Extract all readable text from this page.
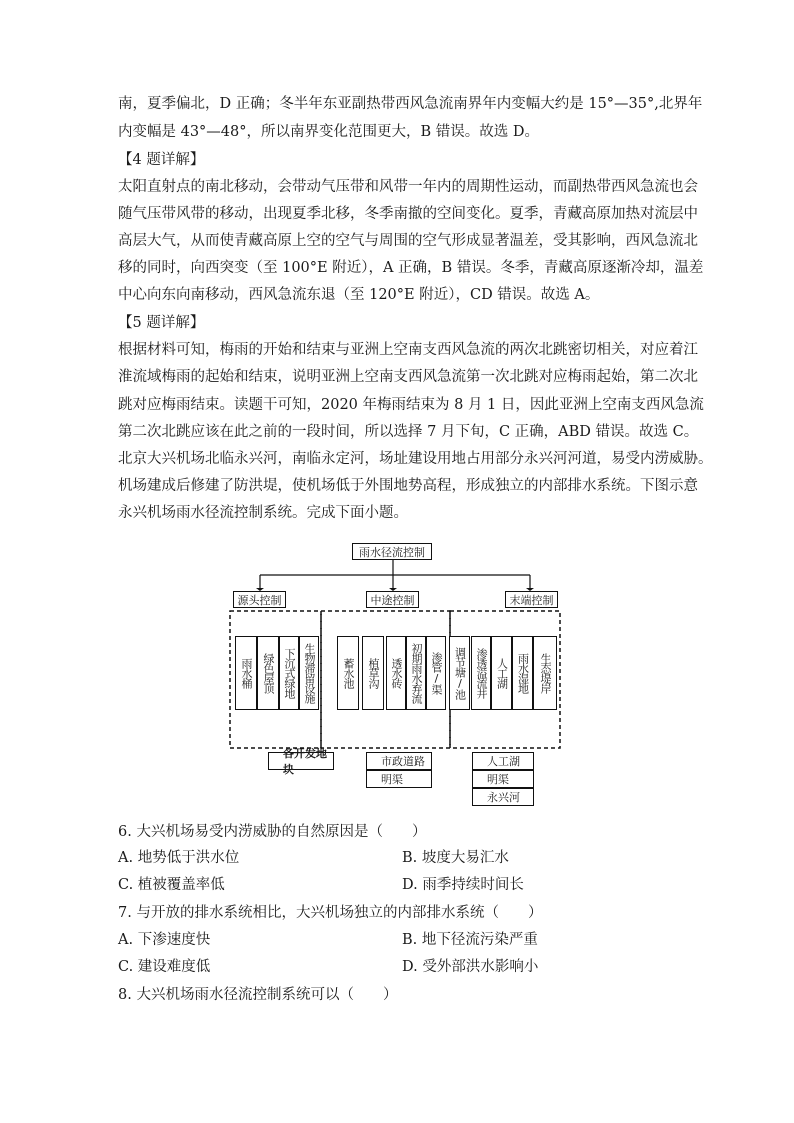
南，夏季偏北，D 正确；冬半年东亚副热带西风急流南界年内变幅大约是 15°—35°,北界年
内变幅是 43°—48°，所以南界变化范围更大，B 错误。故选 D。
【4 题详解】
太阳直射点的南北移动，会带动气压带和风带一年内的周期性运动，而副热带西风急流也会
随气压带风带的移动，出现夏季北移，冬季南撤的空间变化。夏季，青藏高原加热对流层中
高层大气，从而使青藏高原上空的空气与周围的空气形成显著温差，受其影响，西风急流北
移的同时，向西突变（至 100°E 附近），A 正确，B 错误。冬季，青藏高原逐渐冷却，温差
中心向东向南移动，西风急流东退（至 120°E 附近），CD 错误。故选 A。
【5 题详解】
根据材料可知，梅雨的开始和结束与亚洲上空南支西风急流的两次北跳密切相关，对应着江
淮流域梅雨的起始和结束，说明亚洲上空南支西风急流第一次北跳对应梅雨起始，第二次北
跳对应梅雨结束。读题干可知，2020 年梅雨结束为 8 月 1 日，因此亚洲上空南支西风急流
第二次北跳应该在此之前的一段时间，所以选择 7 月下旬，C 正确，ABD 错误。故选 C。
北京大兴机场北临永兴河，南临永定河，场址建设用地占用部分永兴河河道，易受内涝威胁。
机场建成后修建了防洪堤，使机场低于外围地势高程，形成独立的内部排水系统。下图示意
永兴机场雨水径流控制系统。完成下面小题。
雨水径流控制
源头控制	中途控制	末端控制
雨水桶 绿色屋顶 下沉式绿地 生物滞留设施	蓄水池	植草沟 透水砖 初期雨水弃流 渗管/渠 调节塘/池 渗透溢流井 人工湖 雨水湿地 生态堤岸
各开发地块
市政道路
明渠
人工湖
明渠
永兴河
6. 大兴机场易受内涝威胁的自然原因是（　　）
A. 地势低于洪水位	B. 坡度大易汇水
C. 植被覆盖率低	D. 雨季持续时间长
7. 与开放的排水系统相比，大兴机场独立的内部排水系统（　　）
A. 下渗速度快	B. 地下径流污染严重
C. 建设难度低	D. 受外部洪水影响小
8. 大兴机场雨水径流控制系统可以（　　）
